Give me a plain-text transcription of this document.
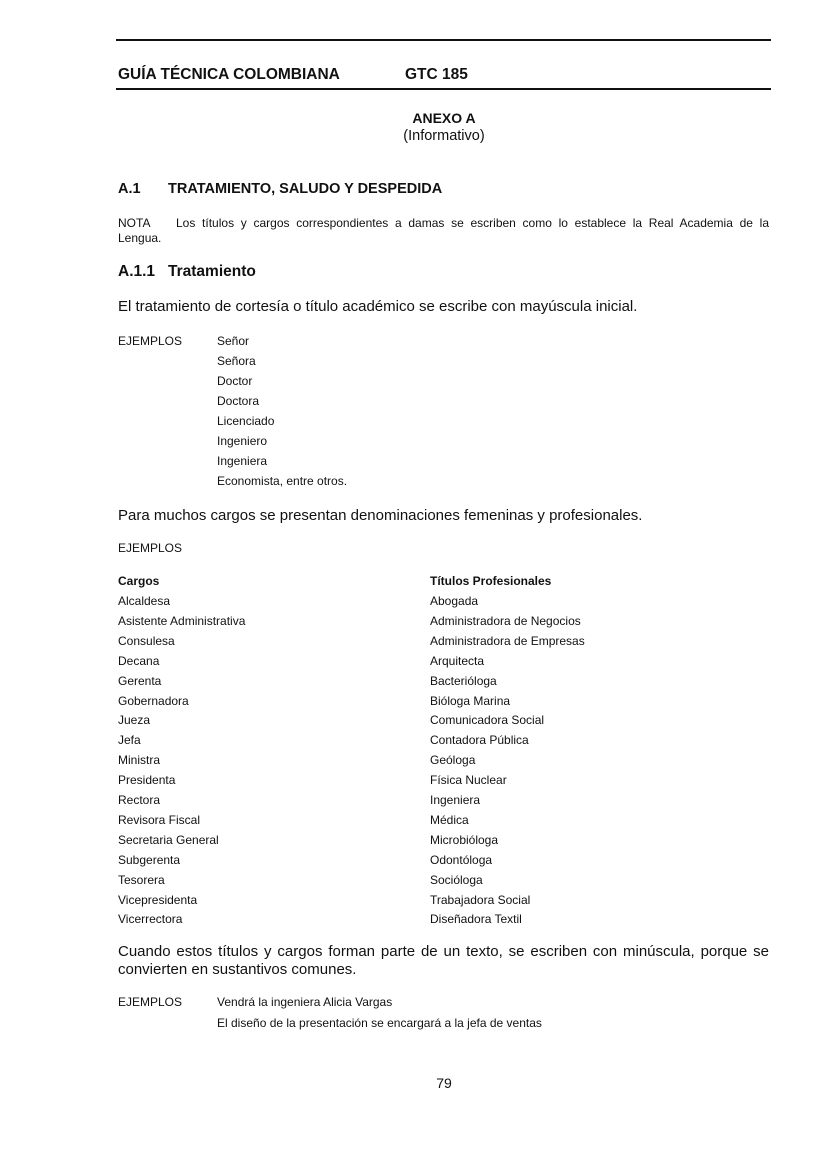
GUÍA TÉCNICA COLOMBIANA	GTC 185
ANEXO A
(Informativo)
A.1 TRATAMIENTO, SALUDO Y DESPEDIDA
NOTA Los títulos y cargos correspondientes a damas se escriben como lo establece la Real Academia de la
Lengua.
A.1.1 Tratamiento
El tratamiento de cortesía o título académico se escribe con mayúscula inicial.
EJEMPLOS	Señor
Señora
Doctor
Doctora
Licenciado
Ingeniero
Ingeniera
Economista, entre otros.
Para muchos cargos se presentan denominaciones femeninas y profesionales.
EJEMPLOS
Cargos	Títulos Profesionales
Alcaldesa	Abogada
Asistente Administrativa	Administradora de Negocios
Consulesa	Administradora de Empresas
Decana	Arquitecta
Gerenta	Bacterióloga
Gobernadora	Bióloga Marina
Jueza	Comunicadora Social
Jefa	Contadora Pública
Ministra	Geóloga
Presidenta	Física Nuclear
Rectora	Ingeniera
Revisora Fiscal	Médica
Secretaria General	Microbióloga
Subgerenta	Odontóloga
Tesorera	Socióloga
Vicepresidenta	Trabajadora Social
Vicerrectora	Diseñadora Textil
Cuando estos títulos y cargos forman parte de un texto, se escriben con minúscula, porque se
convierten en sustantivos comunes.
EJEMPLOS	Vendrá la ingeniera Alicia Vargas
El diseño de la presentación se encargará a la jefa de ventas
79
